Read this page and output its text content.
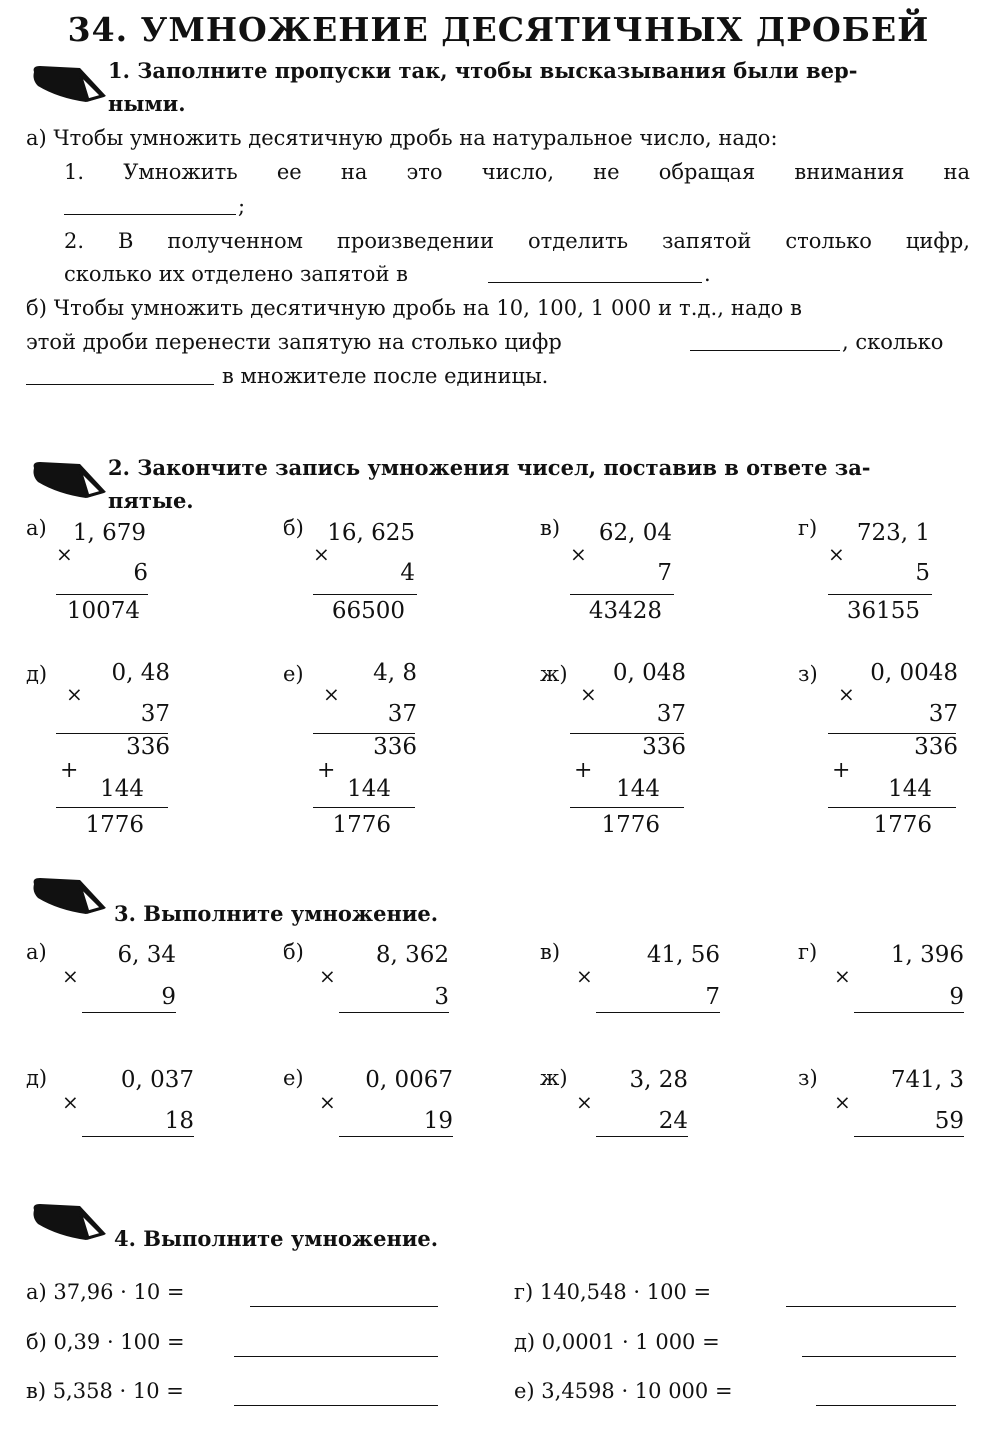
34. УМНОЖЕНИЕ ДЕСЯТИЧНЫХ ДРОБЕЙ
1. Заполните пропуски так, чтобы высказывания были вер-
ными.
а) Чтобы умножить десятичную дробь на натуральное число, надо:
1. Умножить ее на это число, не обращая внимания на
;
2. В полученном произведении отделить запятой столько цифр,
сколько их отделено запятой в	.
б) Чтобы умножить десятичную дробь на 10, 100, 1 000 и т.д., надо в
этой дроби перенести запятую на столько цифр	, сколько
в множителе после единицы.
2. Закончите запись умножения чисел, поставив в ответе за-
пятые.
3. Выполните умножение.
4. Выполните умножение.
а)
×
1, 679
6
10074
б)
×
16, 625
4
66500
в)
×
62, 04
7
43428
г)
×
723, 1
5
36155
д)
×
0, 48
37
336
+
144
1776
е)
×
4, 8
37
336
+
144
1776
ж)
×
0, 048
37
336
+
144
1776
з)
×
0, 0048
37
336
+
144
1776
а)
×
6, 34
9
б)
×
8, 362
3
в)
×
41, 56
7
г)
×
1, 396
9
д)
×
0, 037
18
е)
×
0, 0067
19
ж)
×
3, 28
24
з)
×
741, 3
59
а) 37,96 · 10 =
б) 0,39 · 100 =
в) 5,358 · 10 =
г) 140,548 · 100 =
д) 0,0001 · 1 000 =
е) 3,4598 · 10 000 =
